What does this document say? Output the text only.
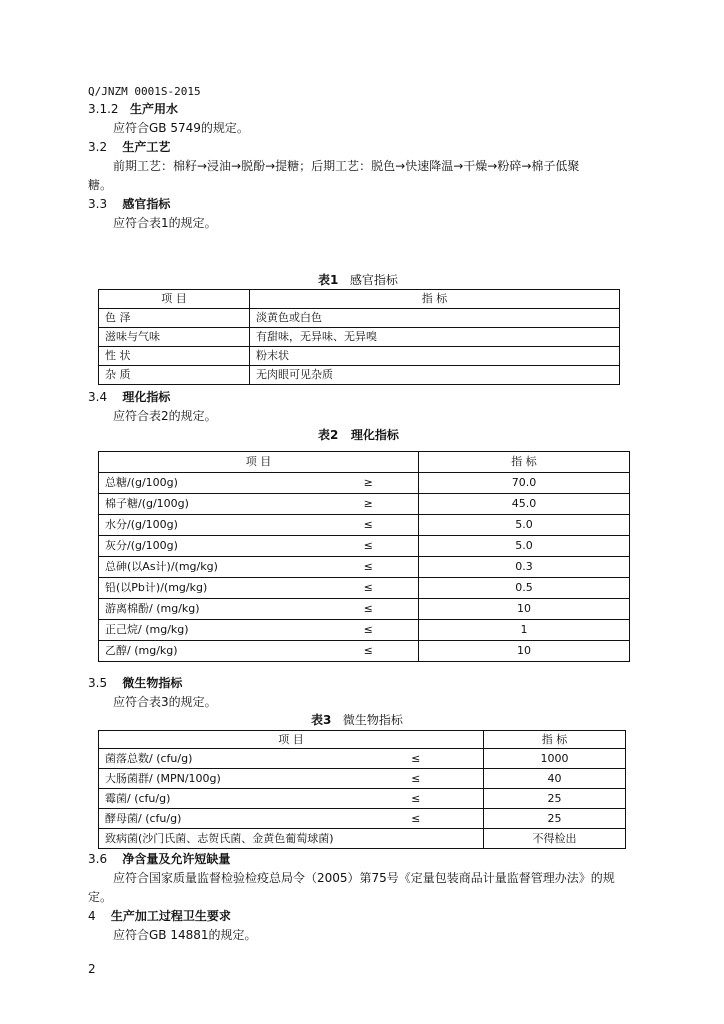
Q/JNZM 0001S-2015
3.1.2 生产用水
应符合GB 5749的规定。
3.2 生产工艺
前期工艺：棉籽→浸油→脱酚→提糖；后期工艺：脱色→快速降温→干燥→粉碎→棉子低聚
糖。
3.3 感官指标
应符合表1的规定。
表1 感官指标
项 目	指 标
色 泽	淡黄色或白色
滋味与气味	有甜味，无异味、无异嗅
性 状	粉末状
杂 质	无肉眼可见杂质
3.4 理化指标
应符合表2的规定。
表2 理化指标
项 目		指 标
总糖/(g/100g)	≥	70.0
棉子糖/(g/100g)	≥	45.0
水分/(g/100g)	≤	5.0
灰分/(g/100g)	≤	5.0
总砷(以As计)/(mg/kg)	≤	0.3
铅(以Pb计)/(mg/kg)	≤	0.5
游离棉酚/ (mg/kg)	≤	10
正己烷/ (mg/kg)	≤	1
乙醇/ (mg/kg)	≤	10
3.5 微生物指标
应符合表3的规定。
表3 微生物指标
项 目		指 标
菌落总数/ (cfu/g)	≤	1000
大肠菌群/ (MPN/100g)	≤	40
霉菌/ (cfu/g)	≤	25
酵母菌/ (cfu/g)	≤	25
致病菌(沙门氏菌、志贺氏菌、金黄色葡萄球菌)		不得检出
3.6 净含量及允许短缺量
应符合国家质量监督检验检疫总局令（2005）第75号《定量包装商品计量监督管理办法》的规
定。
4 生产加工过程卫生要求
应符合GB 14881的规定。
2
